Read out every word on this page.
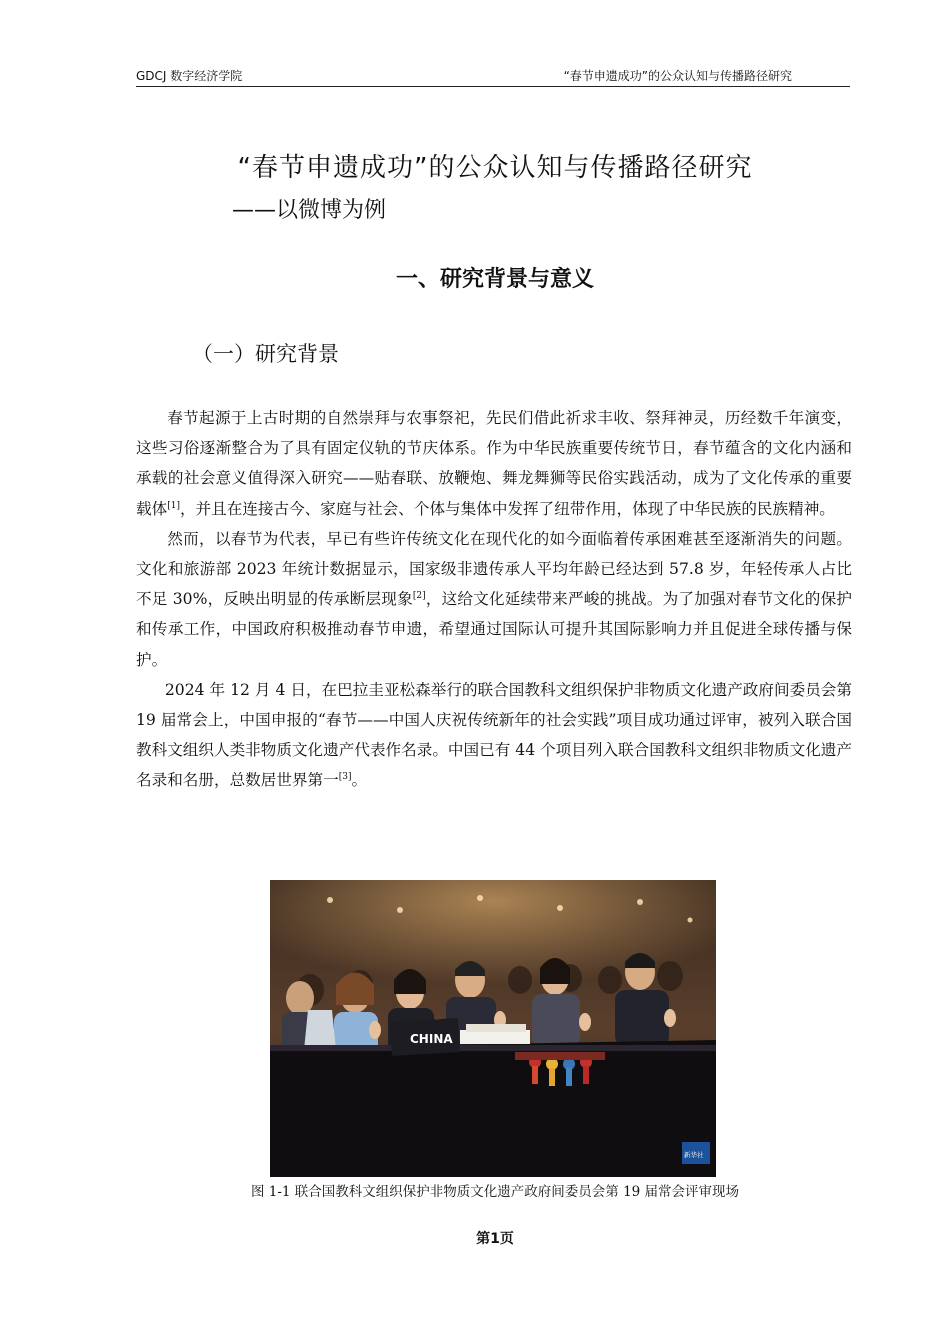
GDCJ 数字经济学院	“春节申遗成功”的公众认知与传播路径研究
“春节申遗成功”的公众认知与传播路径研究
——以微博为例
一、研究背景与意义
（一）研究背景

春节起源于上古时期的自然崇拜与农事祭祀，先民们借此祈求丰收、祭拜神灵，历经数千年演变，这些习俗逐渐整合为了具有固定仪轨的节庆体系。作为中华民族重要传统节日，春节蕴含的文化内涵和承载的社会意义值得深入研究——贴春联、放鞭炮、舞龙舞狮等民俗实践活动，成为了文化传承的重要载体[1]，并且在连接古今、家庭与社会、个体与集体中发挥了纽带作用，体现了中华民族的民族精神。

然而，以春节为代表，早已有些许传统文化在现代化的如今面临着传承困难甚至逐渐消失的问题。文化和旅游部 2023 年统计数据显示，国家级非遗传承人平均年龄已经达到 57.8 岁，年轻传承人占比不足 30%，反映出明显的传承断层现象[2]，这给文化延续带来严峻的挑战。为了加强对春节文化的保护和传承工作，中国政府积极推动春节申遗，希望通过国际认可提升其国际影响力并且促进全球传播与保护。

2024 年 12 月 4 日，在巴拉圭亚松森举行的联合国教科文组织保护非物质文化遗产政府间委员会第 19 届常会上，中国申报的“春节——中国人庆祝传统新年的社会实践”项目成功通过评审，被列入联合国教科文组织人类非物质文化遗产代表作名录。中国已有 44 个项目列入联合国教科文组织非物质文化遗产名录和名册，总数居世界第一[3]。

CHINA
新华社
图 1-1 联合国教科文组织保护非物质文化遗产政府间委员会第 19 届常会评审现场
第1页
